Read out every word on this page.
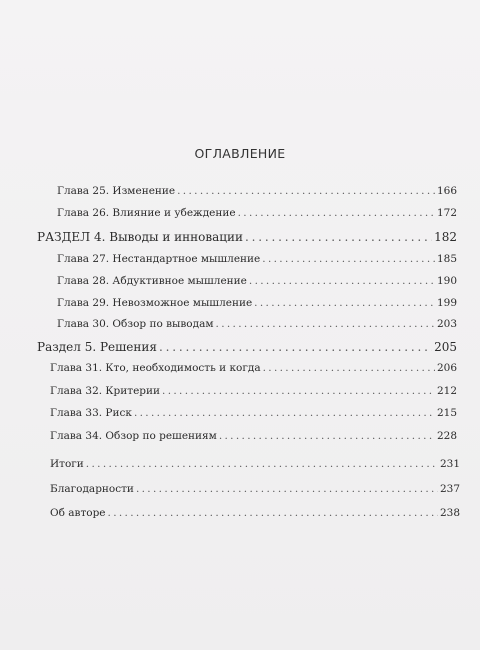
ОГЛАВЛЕНИЕ
Глава 25. Изменение . . .	166
Глава 26. Влияние и убеждение . . .	172
РАЗДЕЛ 4. Выводы и инновации . . .	182
Глава 27. Нестандартное мышление . . .	185
Глава 28. Абдуктивное мышление . . .	190
Глава 29. Невозможное мышление . . .	199
Глава 30. Обзор по выводам . . .	203
Раздел 5. Решения . . .	205
Глава 31. Кто, необходимость и когда . . .	206
Глава 32. Критерии . . .	212
Глава 33. Риск . . .	215
Глава 34. Обзор по решениям . . .	228
Итоги . . .	231
Благодарности . . .	237
Об авторе . . .	238
